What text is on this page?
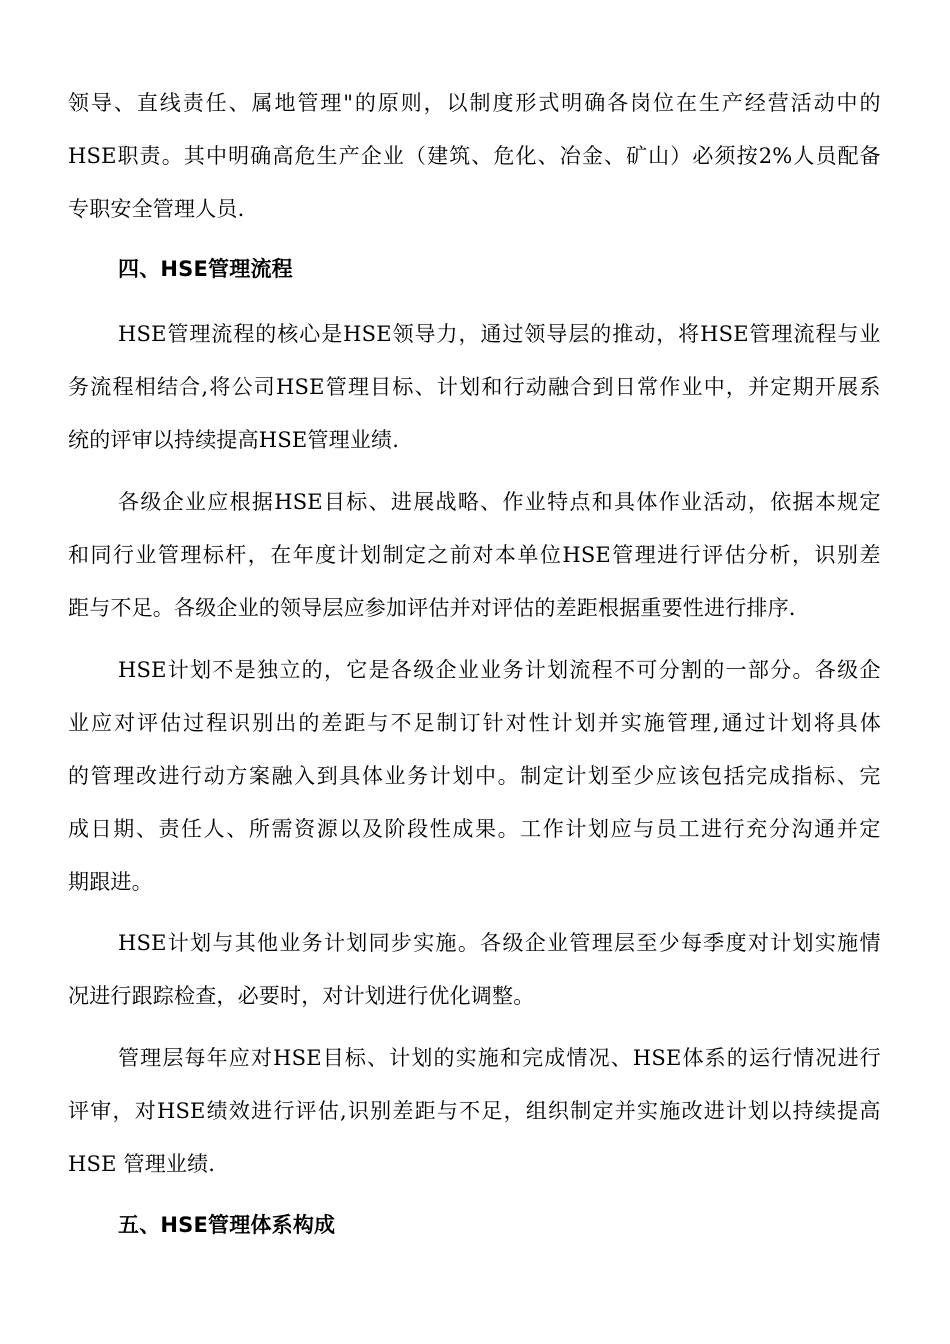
领 导 、 直 线 责 任 、 属 地 管 理 " 的 原 则 ， 以 制 度 形 式 明 确 各 岗 位 在 生 产 经 营 活 动 中 的
HSE 职 责 。 其 中 明 确 高 危 生 产 企 业 （ 建 筑 、 危 化 、 冶 金 、 矿 山 ） 必 须 按 2% 人 员 配 备
专职安全管理人员.
四、HSE管理流程
HSE 管 理 流 程 的 核 心 是 HSE 领 导 力 ， 通 过 领 导 层 的 推 动 ， 将 HSE 管 理 流 程 与 业
务 流 程 相 结 合 , 将 公 司 HSE 管 理 目 标 、 计 划 和 行 动 融 合 到 日 常 作 业 中 ， 并 定 期 开 展 系
统的评审以持续提高HSE管理业绩.
各 级 企 业 应 根 据 HSE 目 标 、 进 展 战 略 、 作 业 特 点 和 具 体 作 业 活 动 ， 依 据 本 规 定
和 同 行 业 管 理 标 杆 ， 在 年 度 计 划 制 定 之 前 对 本 单 位 HSE 管 理 进 行 评 估 分 析 ， 识 别 差
距与不足。各级企业的领导层应参加评估并对评估的差距根据重要性进行排序.
HSE 计 划 不 是 独 立 的 ， 它 是 各 级 企 业 业 务 计 划 流 程 不 可 分 割 的 一 部 分 。 各 级 企
业 应 对 评 估 过 程 识 别 出 的 差 距 与 不 足 制 订 针 对 性 计 划 并 实 施 管 理 , 通 过 计 划 将 具 体
的 管 理 改 进 行 动 方 案 融 入 到 具 体 业 务 计 划 中 。 制 定 计 划 至 少 应 该 包 括 完 成 指 标 、 完
成 日 期 、 责 任 人 、 所 需 资 源 以 及 阶 段 性 成 果 。 工 作 计 划 应 与 员 工 进 行 充 分 沟 通 并 定
期跟进。
HSE 计 划 与 其 他 业 务 计 划 同 步 实 施 。 各 级 企 业 管 理 层 至 少 每 季 度 对 计 划 实 施 情
况进行跟踪检查，必要时，对计划进行优化调整。
管 理 层 每 年 应 对 HSE 目 标 、 计 划 的 实 施 和 完 成 情 况 、 HSE 体 系 的 运 行 情 况 进 行
评 审 ， 对 HSE 绩 效 进 行 评 估 , 识 别 差 距 与 不 足 ， 组 织 制 定 并 实 施 改 进 计 划 以 持 续 提 高
HSE 管理业绩.
五、HSE管理体系构成
